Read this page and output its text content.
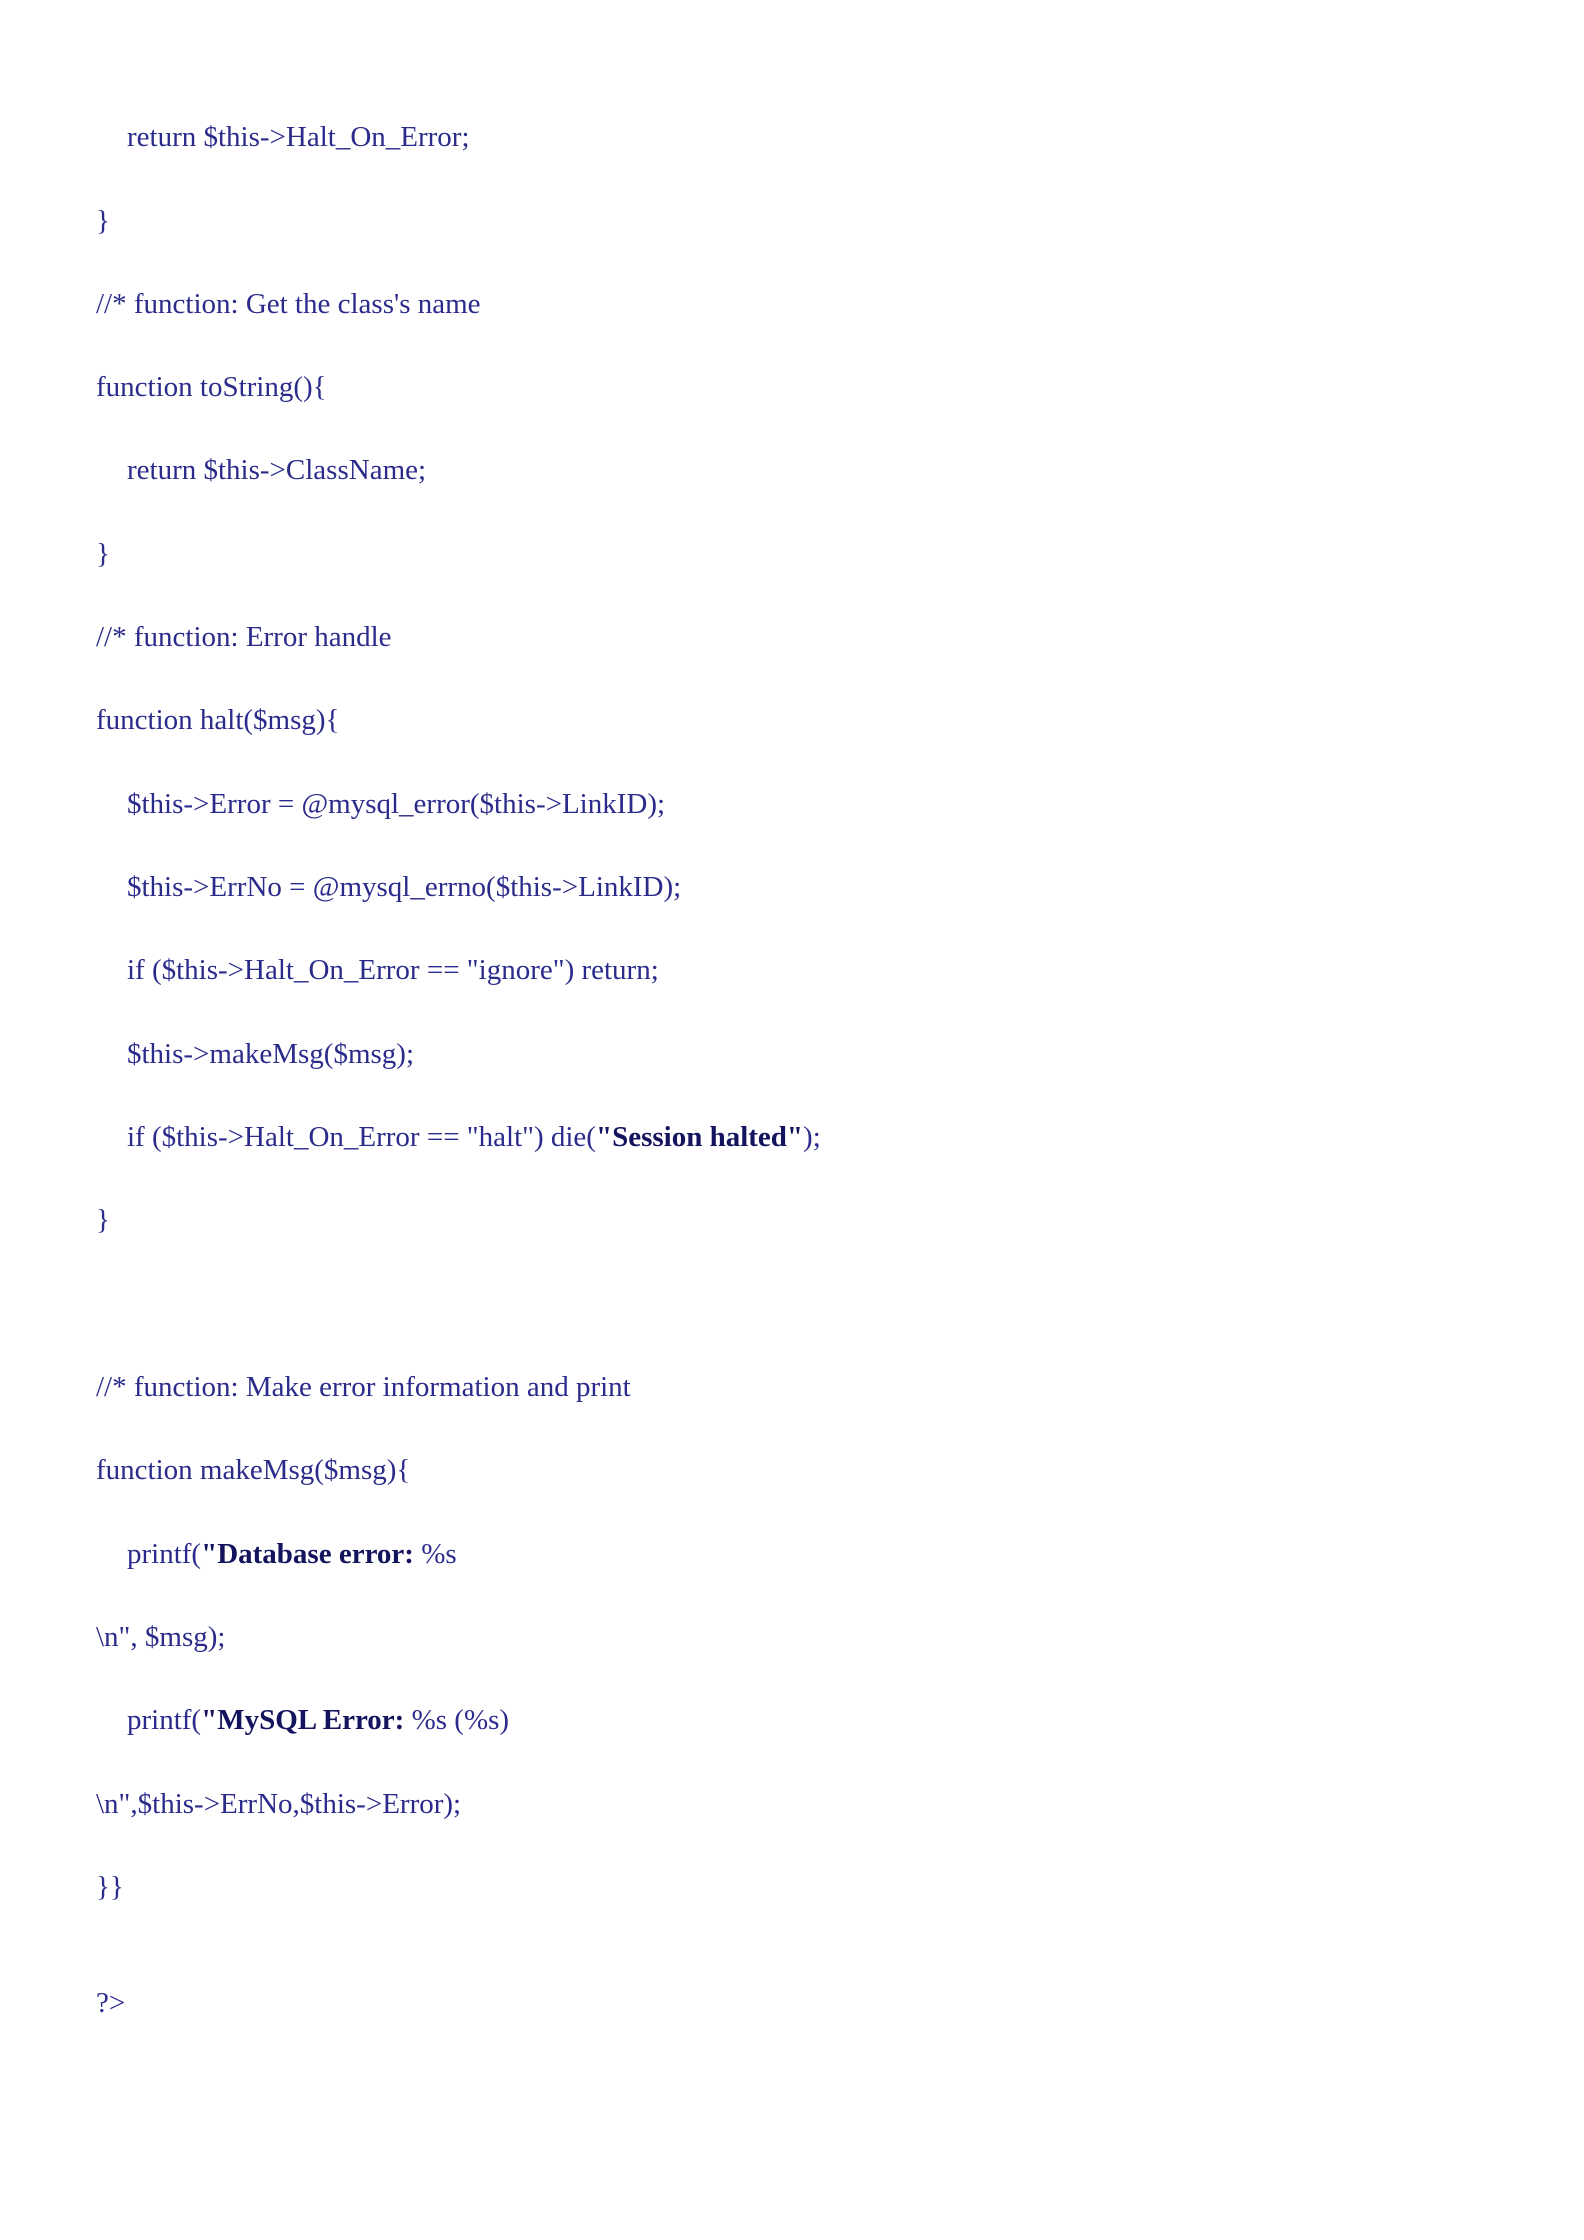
return $this->Halt_On_Error;
}
//* function: Get the class's name
function toString(){
return $this->ClassName;
}
//* function: Error handle
function halt($msg){
$this->Error = @mysql_error($this->LinkID);
$this->ErrNo = @mysql_errno($this->LinkID);
if ($this->Halt_On_Error == "ignore") return;
$this->makeMsg($msg);
if ($this->Halt_On_Error == "halt") die("Session halted");
}
//* function: Make error information and print
function makeMsg($msg){
printf("Database error: %s
\n", $msg);
printf("MySQL Error: %s (%s)
\n",$this->ErrNo,$this->Error);
}}
?>
